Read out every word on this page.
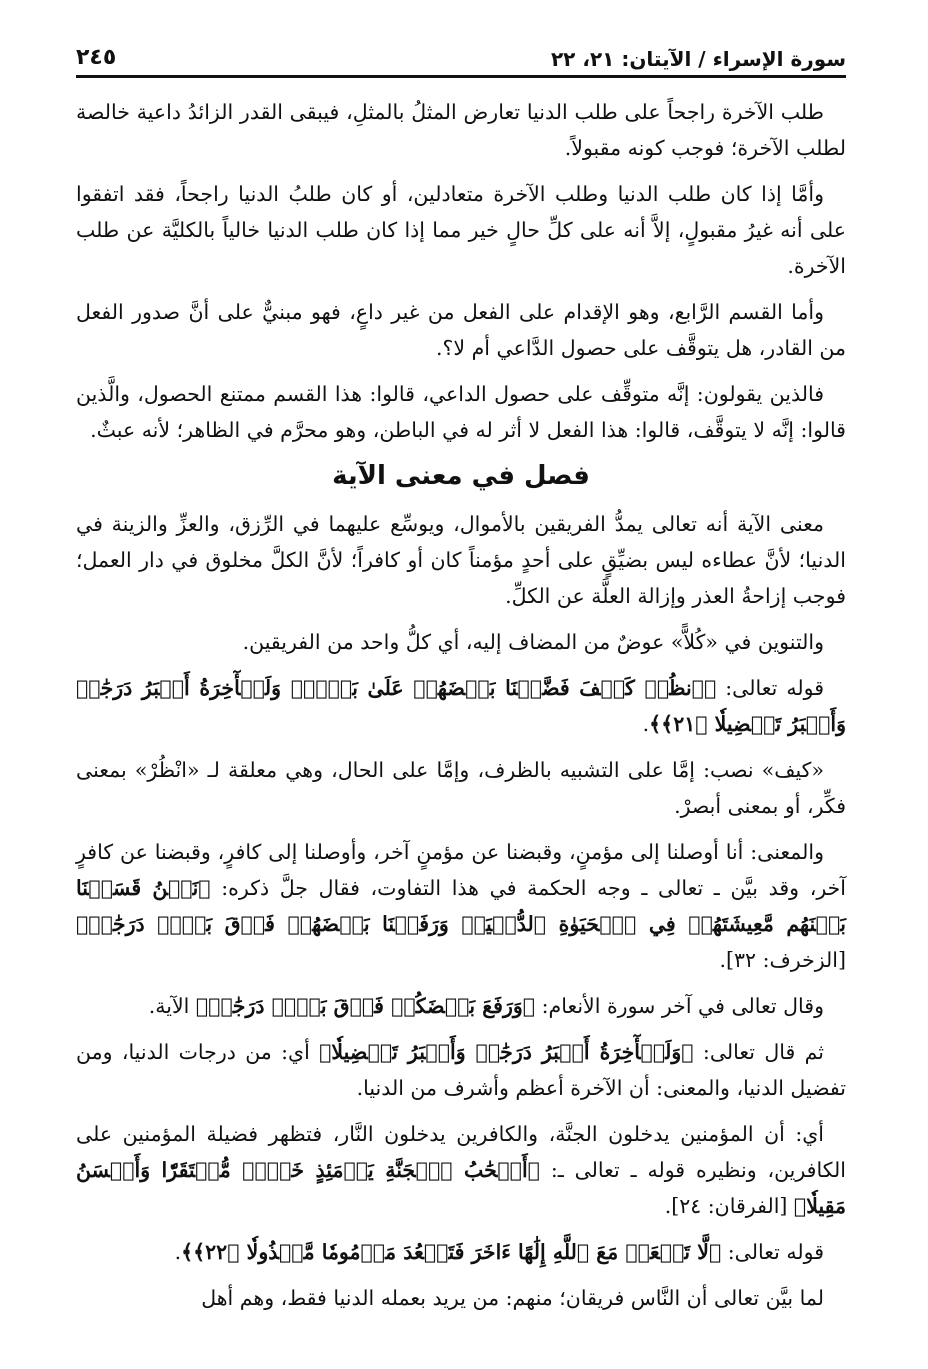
سورة الإسراء / الآيتان: ٢١، ٢٢
٢٤٥

طلب الآخرة راجحاً على طلب الدنيا تعارض المثلُ بالمثلِ، فيبقى القدر الزائدُ داعية خالصة لطلب الآخرة؛ فوجب كونه مقبولاً.

وأمَّا إذا كان طلب الدنيا وطلب الآخرة متعادلين، أو كان طلبُ الدنيا راجحاً، فقد اتفقوا على أنه غيرُ مقبولٍ، إلاَّ أنه على كلِّ حالٍ خير مما إذا كان طلب الدنيا خالياً بالكليَّة عن طلب الآخرة.

وأما القسم الرَّابع، وهو الإقدام على الفعل من غير داعٍ، فهو مبنيٌّ على أنَّ صدور الفعل من القادر، هل يتوقَّف على حصول الدَّاعي أم لا؟.

فالذين يقولون: إنَّه متوقِّف على حصول الداعي، قالوا: هذا القسم ممتنع الحصول، والَّذين قالوا: إنَّه لا يتوقَّف، قالوا: هذا الفعل لا أثر له في الباطن، وهو محرَّم في الظاهر؛ لأنه عبثٌ.

فصل في معنى الآية

معنى الآية أنه تعالى يمدُّ الفريقين بالأموال، ويوسِّع عليهما في الرِّزق، والعزِّ والزينة في الدنيا؛ لأنَّ عطاءه ليس بضيِّقٍ على أحدٍ مؤمناً كان أو كافراً؛ لأنَّ الكلَّ مخلوق في دار العمل؛ فوجب إزاحةُ العذر وإزالة العلَّة عن الكلِّ.

والتنوين في «كُلاًّ» عوضٌ من المضاف إليه، أي كلُّ واحد من الفريقين.

قوله تعالى: ﴿ٱنظُرۡ كَيۡفَ فَضَّلۡنَا بَعۡضَهُمۡ عَلَىٰ بَعۡضٖۚ وَلَلۡأٓخِرَةُ أَكۡبَرُ دَرَجَٰتٖ وَأَكۡبَرُ تَفۡضِيلٗا ﴿٢١﴾﴾.

«كيف» نصب: إمَّا على التشبيه بالظرف، وإمَّا على الحال، وهي معلقة لـ «انْظُرْ» بمعنى فكِّر، أو بمعنى أبصرْ.

والمعنى: أنا أوصلنا إلى مؤمنٍ، وقبضنا عن مؤمنٍ آخر، وأوصلنا إلى كافرٍ، وقبضنا عن كافرٍ آخر، وقد بيَّن ـ تعالى ـ وجه الحكمة في هذا التفاوت، فقال جلَّ ذكره: ﴿نَحۡنُ قَسَمۡنَا بَيۡنَهُم مَّعِيشَتَهُمۡ فِي ٱلۡحَيَوٰةِ ٱلدُّنۡيَاۚ وَرَفَعۡنَا بَعۡضَهُمۡ فَوۡقَ بَعۡضٖ دَرَجَٰتٖ﴾ [الزخرف: ٣٢].

وقال تعالى في آخر سورة الأنعام: ﴿وَرَفَعَ بَعۡضَكُمۡ فَوۡقَ بَعۡضٖ دَرَجَٰتٖ﴾ الآية.

ثم قال تعالى: ﴿وَلَلۡأٓخِرَةُ أَكۡبَرُ دَرَجَٰتٖ وَأَكۡبَرُ تَفۡضِيلٗا﴾ أي: من درجات الدنيا، ومن تفضيل الدنيا، والمعنى: أن الآخرة أعظم وأشرف من الدنيا.

أي: أن المؤمنين يدخلون الجنَّة، والكافرين يدخلون النَّار، فتظهر فضيلة المؤمنين على الكافرين، ونظيره قوله ـ تعالى ـ: ﴿أَصۡحَٰبُ ٱلۡجَنَّةِ يَوۡمَئِذٍ خَيۡرٞ مُّسۡتَقَرّٗا وَأَحۡسَنُ مَقِيلٗا﴾ [الفرقان: ٢٤].

قوله تعالى: ﴿لَّا تَجۡعَلۡ مَعَ ٱللَّهِ إِلَٰهًا ءَاخَرَ فَتَقۡعُدَ مَذۡمُومٗا مَّخۡذُولٗا ﴿٢٢﴾﴾.

لما بيَّن تعالى أن النَّاس فريقان؛ منهم: من يريد بعمله الدنيا فقط، وهم أهل
